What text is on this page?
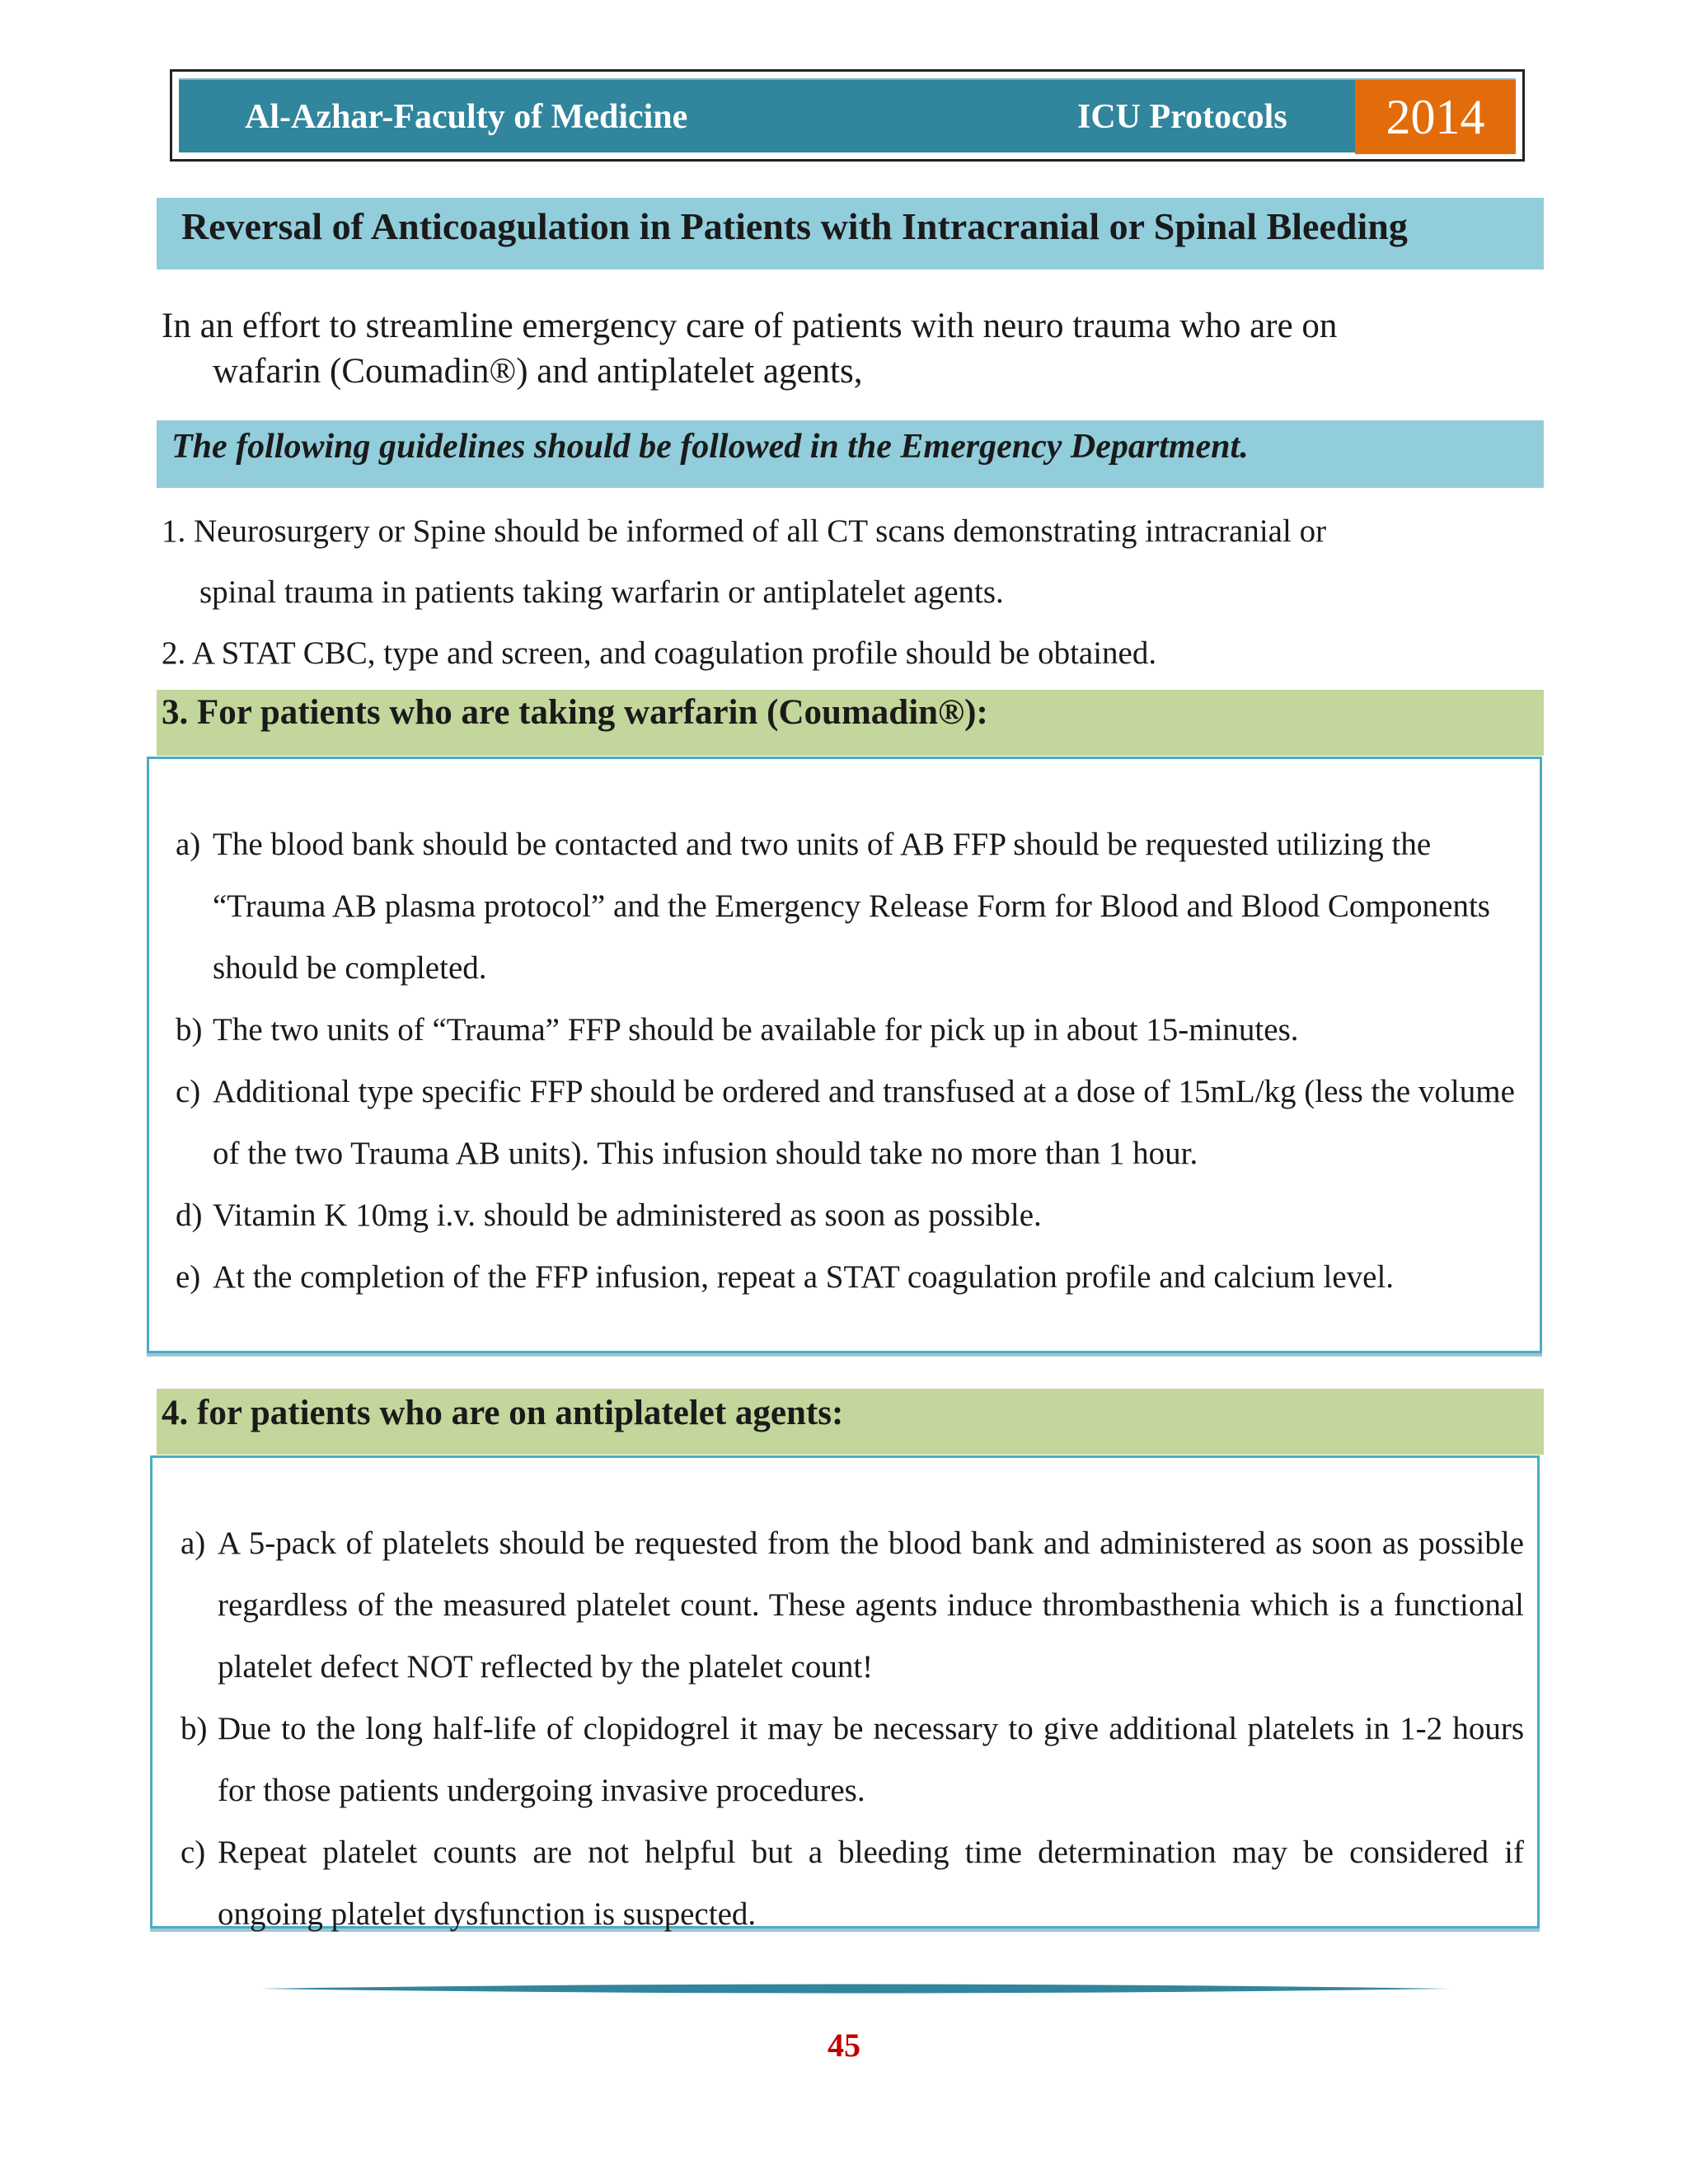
Al-Azhar-Faculty of Medicine	ICU Protocols	2014
Reversal of Anticoagulation in Patients with Intracranial or Spinal Bleeding
In an effort to streamline emergency care of patients with neuro trauma who are on
wafarin (Coumadin®) and antiplatelet agents,
The following guidelines should be followed in the Emergency Department.
1. Neurosurgery or Spine should be informed of all CT scans demonstrating intracranial or
spinal trauma in patients taking warfarin or antiplatelet agents.
2. A STAT CBC, type and screen, and coagulation profile should be obtained.
3. For patients who are taking warfarin (Coumadin®):
a) The blood bank should be contacted and two units of AB FFP should be requested utilizing the “Trauma AB plasma protocol” and the Emergency Release Form for Blood and Blood Components should be completed.
b) The two units of “Trauma” FFP should be available for pick up in about 15-minutes.
c) Additional type specific FFP should be ordered and transfused at a dose of 15mL/kg (less the volume of the two Trauma AB units). This infusion should take no more than 1 hour.
d) Vitamin K 10mg i.v. should be administered as soon as possible.
e) At the completion of the FFP infusion, repeat a STAT coagulation profile and calcium level.
4. for patients who are on antiplatelet agents:
a) A 5-pack of platelets should be requested from the blood bank and administered as soon as possible regardless of the measured platelet count. These agents induce thrombasthenia which is a functional platelet defect NOT reflected by the platelet count!
b) Due to the long half-life of clopidogrel it may be necessary to give additional platelets in 1-2 hours for those patients undergoing invasive procedures.
c) Repeat platelet counts are not helpful but a bleeding time determination may be considered if ongoing platelet dysfunction is suspected.
45
